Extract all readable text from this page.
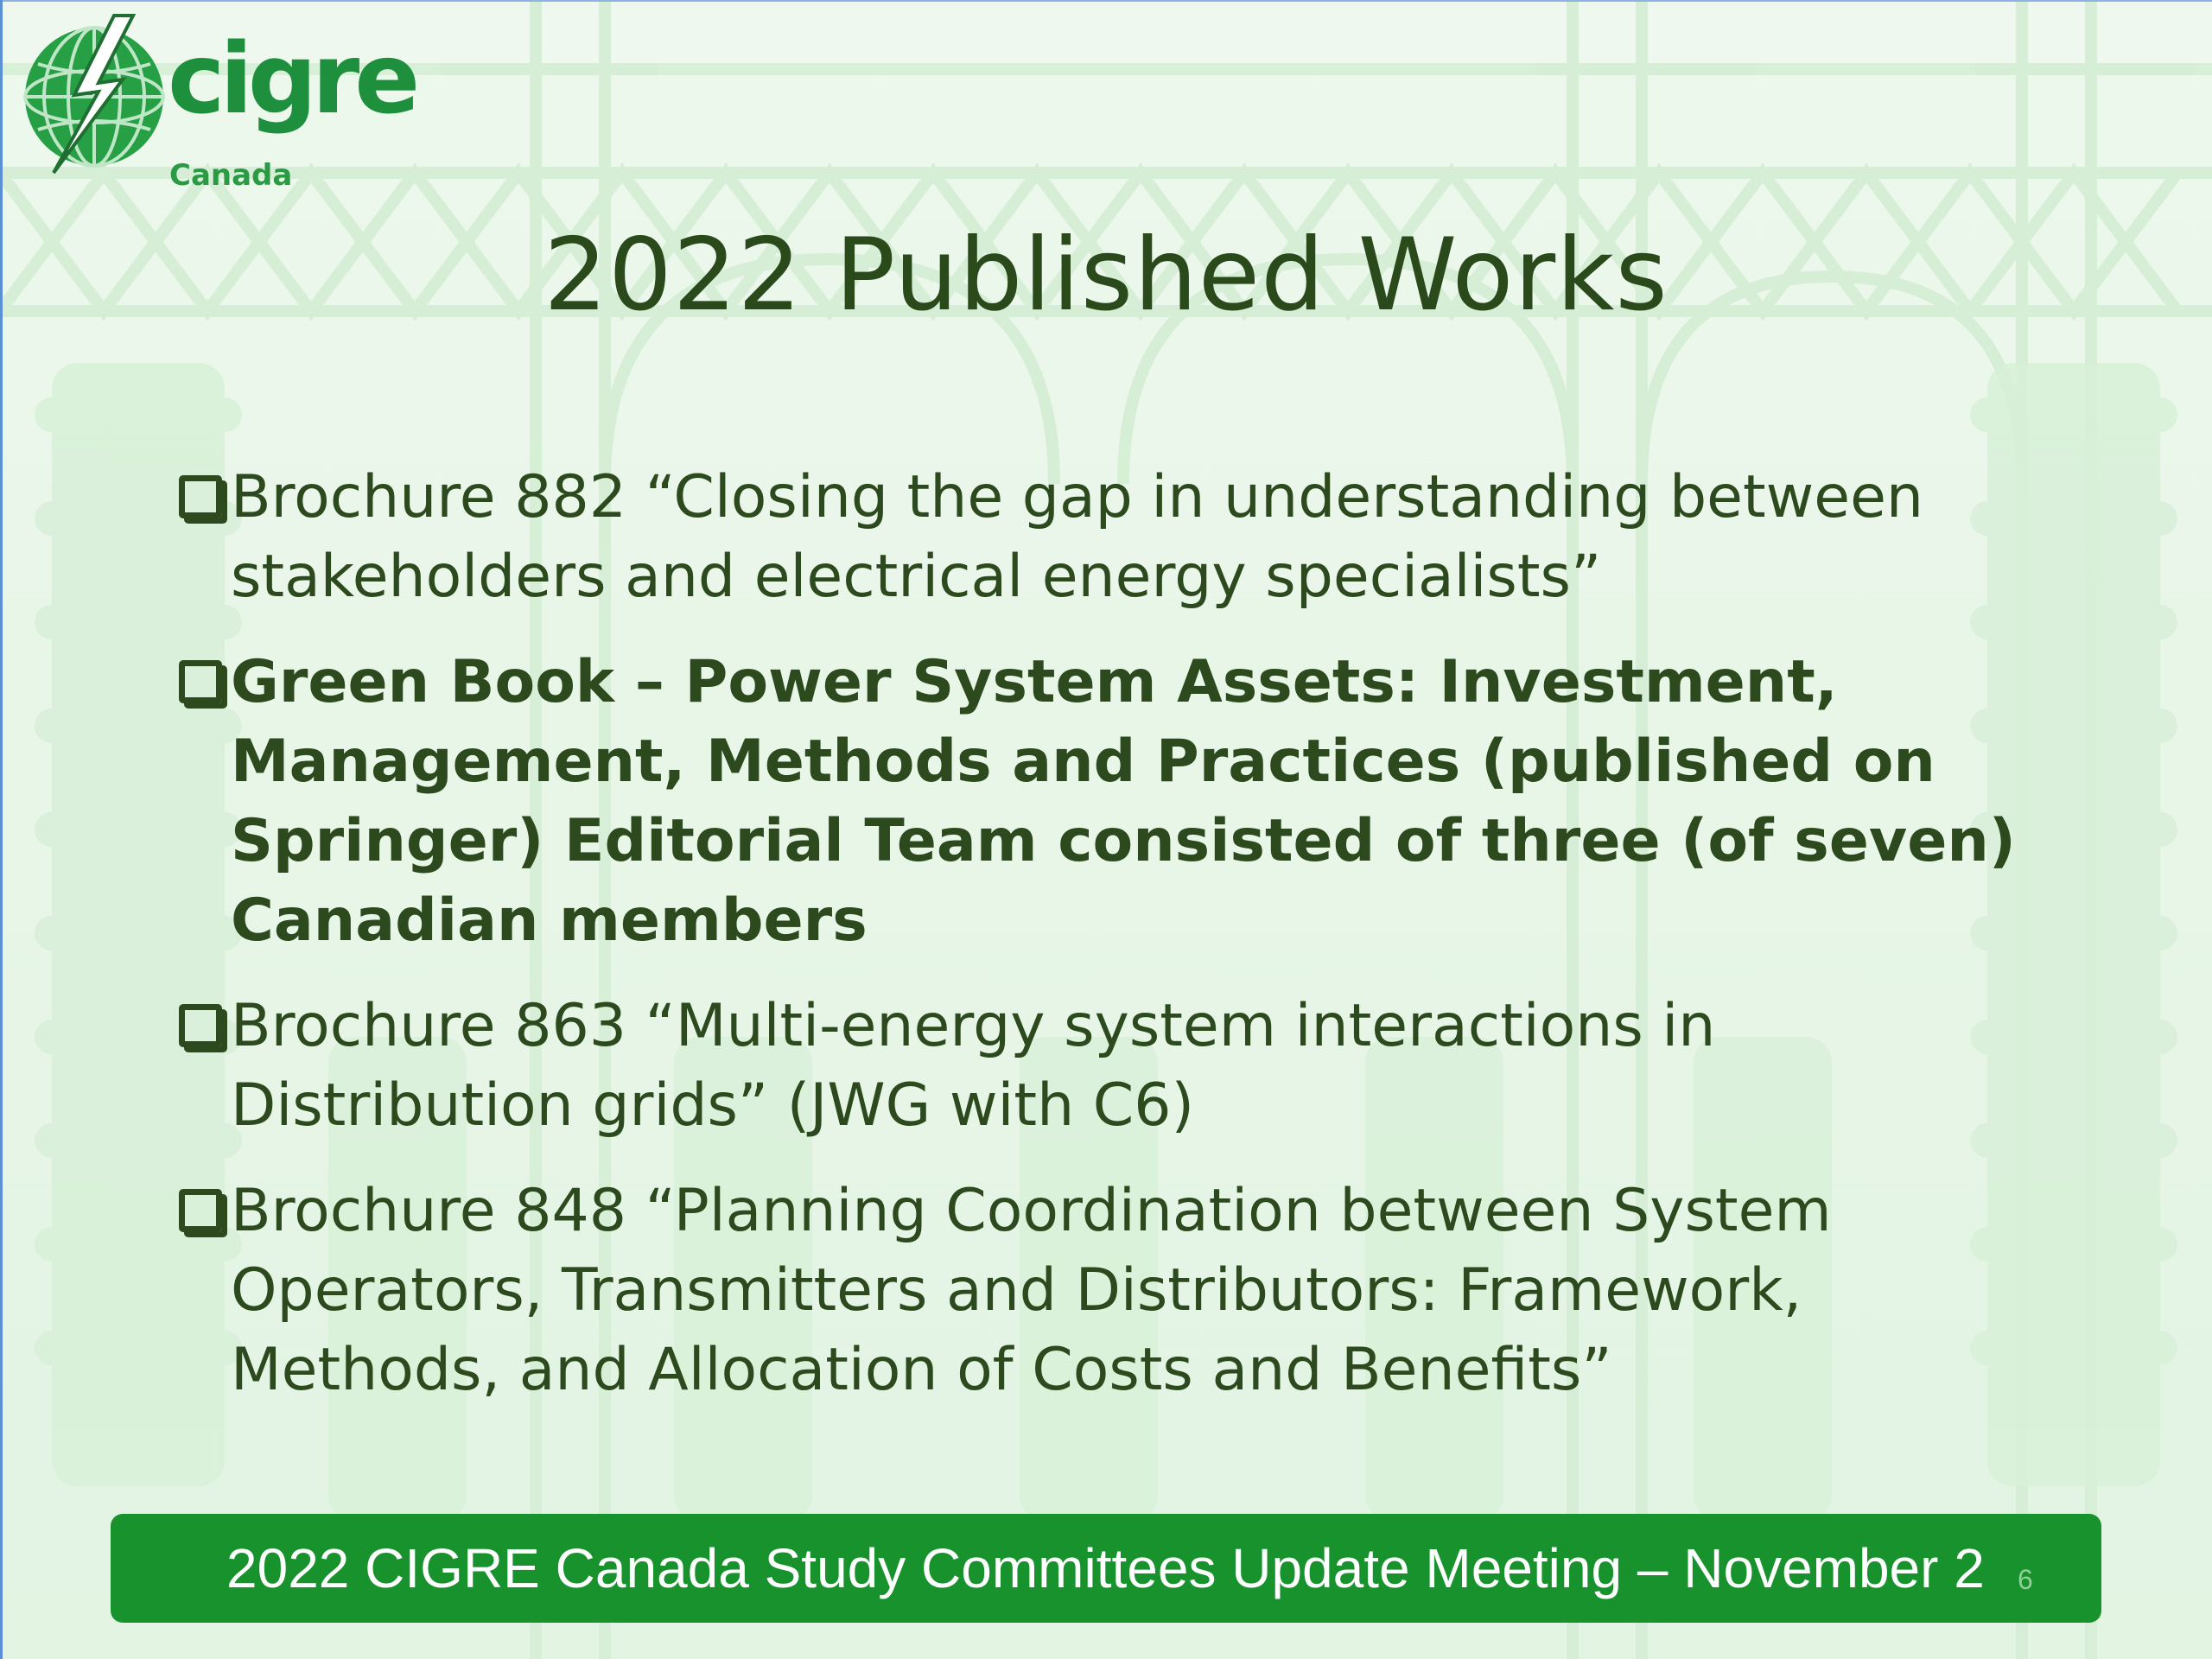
cigre
Canada
2022 Published Works
Brochure 882 “Closing the gap in understanding between stakeholders and electrical energy specialists”
Green Book – Power System Assets: Investment, Management, Methods and Practices (published on Springer) Editorial Team consisted of three (of seven) Canadian members
Brochure 863 “Multi-energy system interactions in Distribution grids” (JWG with C6)
Brochure 848 “Planning Coordination between System Operators, Transmitters and Distributors: Framework, Methods, and Allocation of Costs and Benefits”
2022 CIGRE Canada Study Committees Update Meeting – November 2 6
